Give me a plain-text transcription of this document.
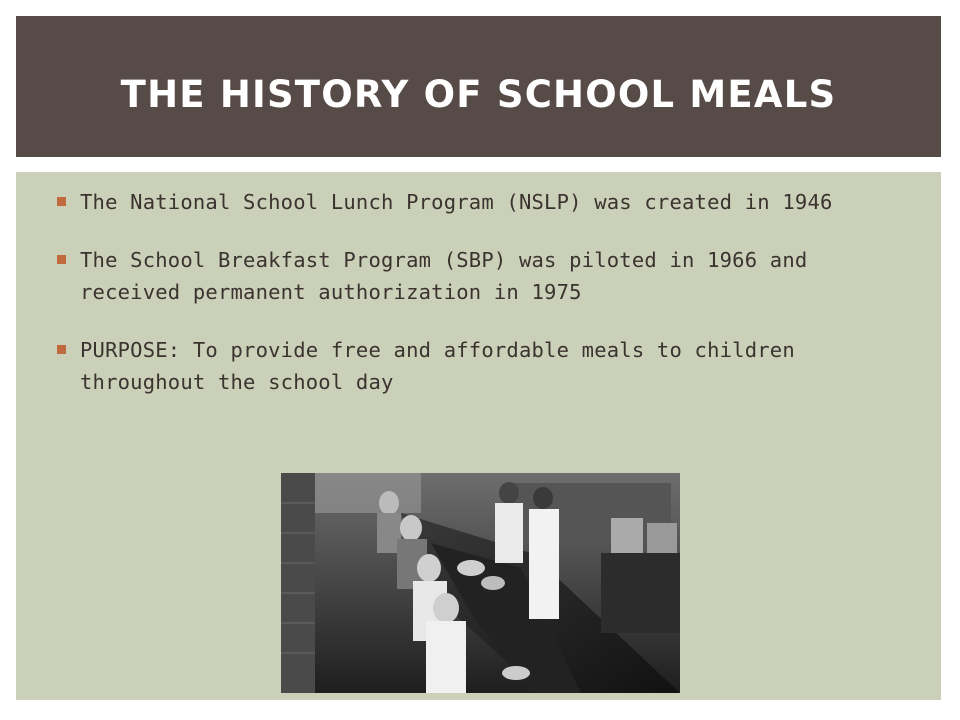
THE HISTORY OF SCHOOL MEALS
The National School Lunch Program (NSLP) was created in 1946
The School Breakfast Program (SBP) was piloted in 1966 and received permanent authorization in 1975
PURPOSE: To provide free and affordable meals to children throughout the school day
